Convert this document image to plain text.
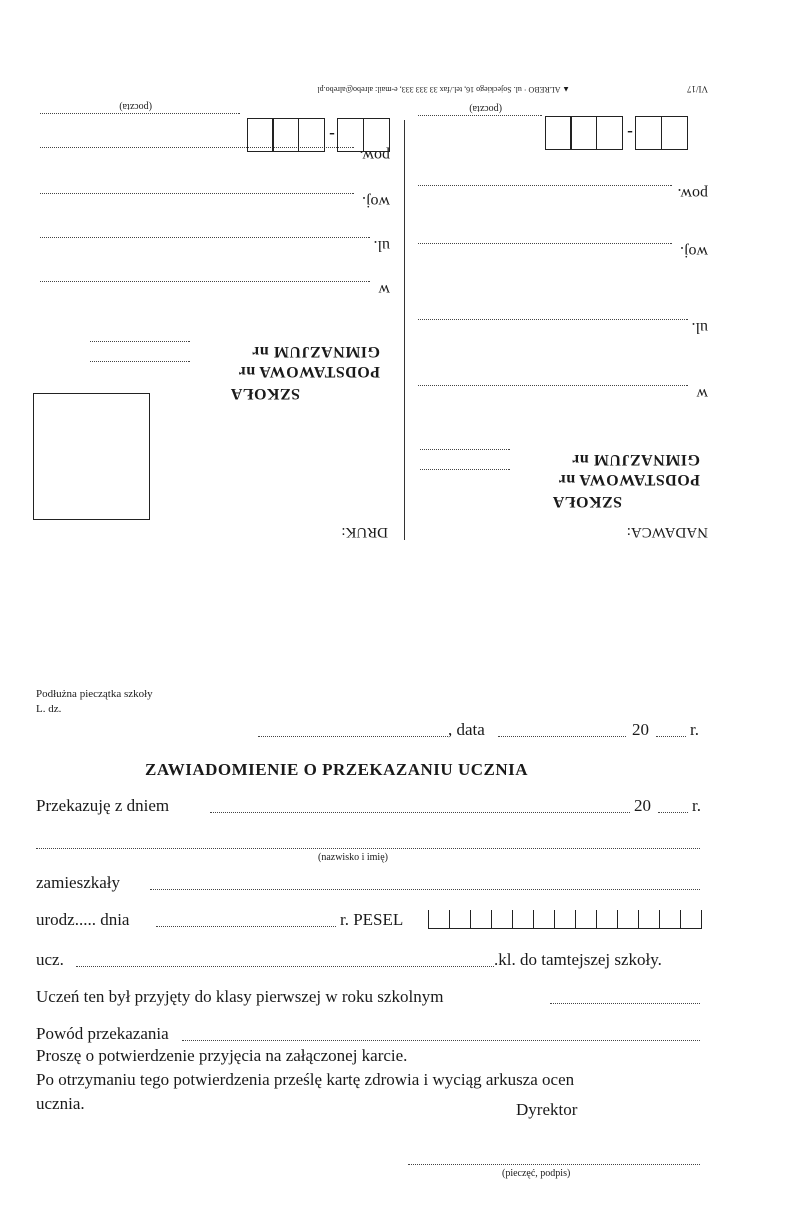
VI/17
▲ ALREBO · ul. Sojeckiego 16, tel./fax 33 333 333, e-mail: alrebo@alrebo.pl
NADAWCA:
SZKOŁA
PODSTAWOWA nr
GIMNAZJUM nr
w
ul.
woj.
pow.
-
(poczta)
DRUK:
SZKOŁA
PODSTAWOWA nr
GIMNAZJUM nr
w
ul.
woj.
pow.
-
(poczta)
Podłużna pieczątka szkoły
L. dz.
, data	20 r.
ZAWIADOMIENIE O PRZEKAZANIU UCZNIA
Przekazuję z dniem	20 r.
(nazwisko i imię)
zamieszkały
urodz..... dnia	r. PESEL
ucz.	.kl. do tamtejszej szkoły.
Uczeń ten był przyjęty do klasy pierwszej w roku szkolnym
Powód przekazania
Proszę o potwierdzenie przyjęcia na załączonej karcie.
Po otrzymaniu tego potwierdzenia prześlę kartę zdrowia i wyciąg arkusza ocen
ucznia.	Dyrektor
(pieczęć, podpis)
